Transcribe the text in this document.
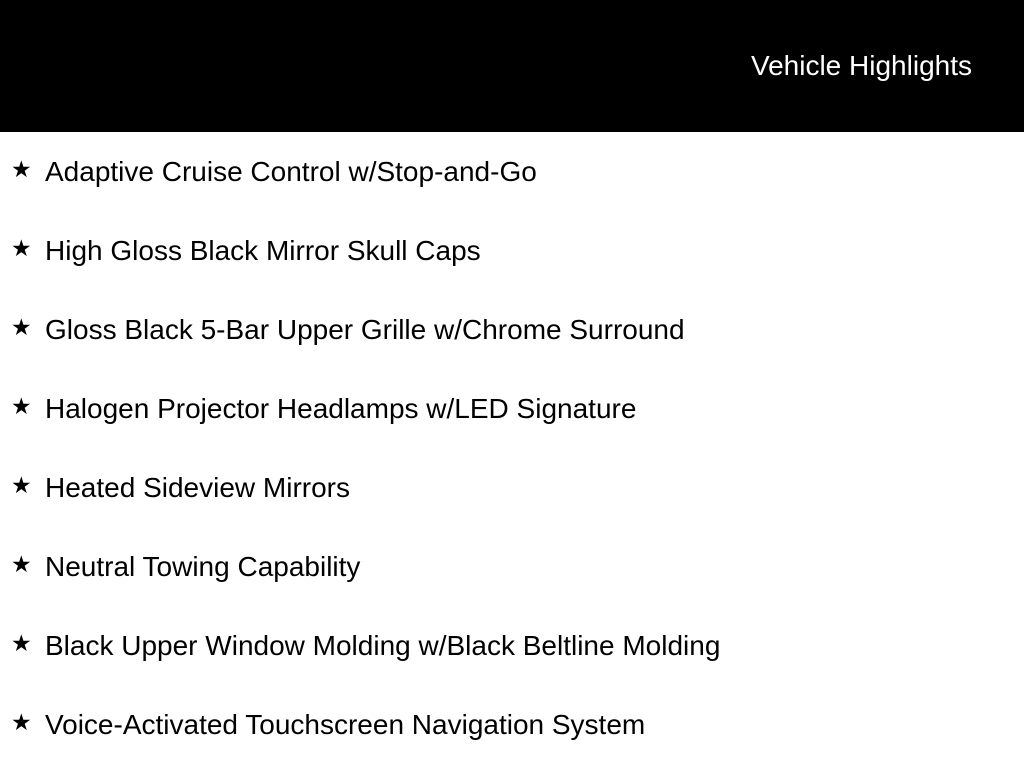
Vehicle Highlights
★ Adaptive Cruise Control w/Stop-and-Go
★ High Gloss Black Mirror Skull Caps
★ Gloss Black 5-Bar Upper Grille w/Chrome Surround
★ Halogen Projector Headlamps w/LED Signature
★ Heated Sideview Mirrors
★ Neutral Towing Capability
★ Black Upper Window Molding w/Black Beltline Molding
★ Voice-Activated Touchscreen Navigation System
